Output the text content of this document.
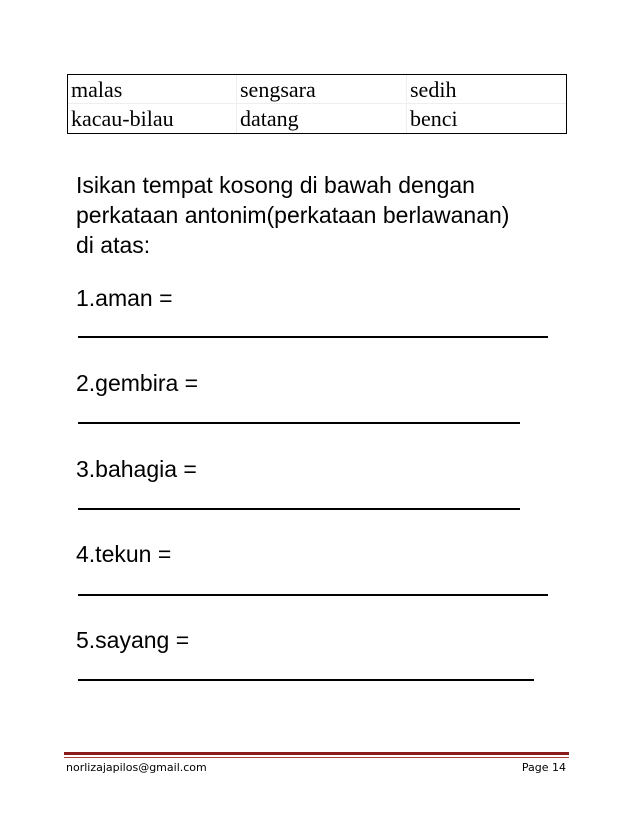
malas	sengsara	sedih
kacau-bilau	datang	benci
Isikan tempat kosong di bawah dengan
perkataan antonim(perkataan berlawanan)
di atas:
1.aman =
2.gembira =
3.bahagia =
4.tekun =
5.sayang =
norlizajapilos@gmail.com	Page 14
